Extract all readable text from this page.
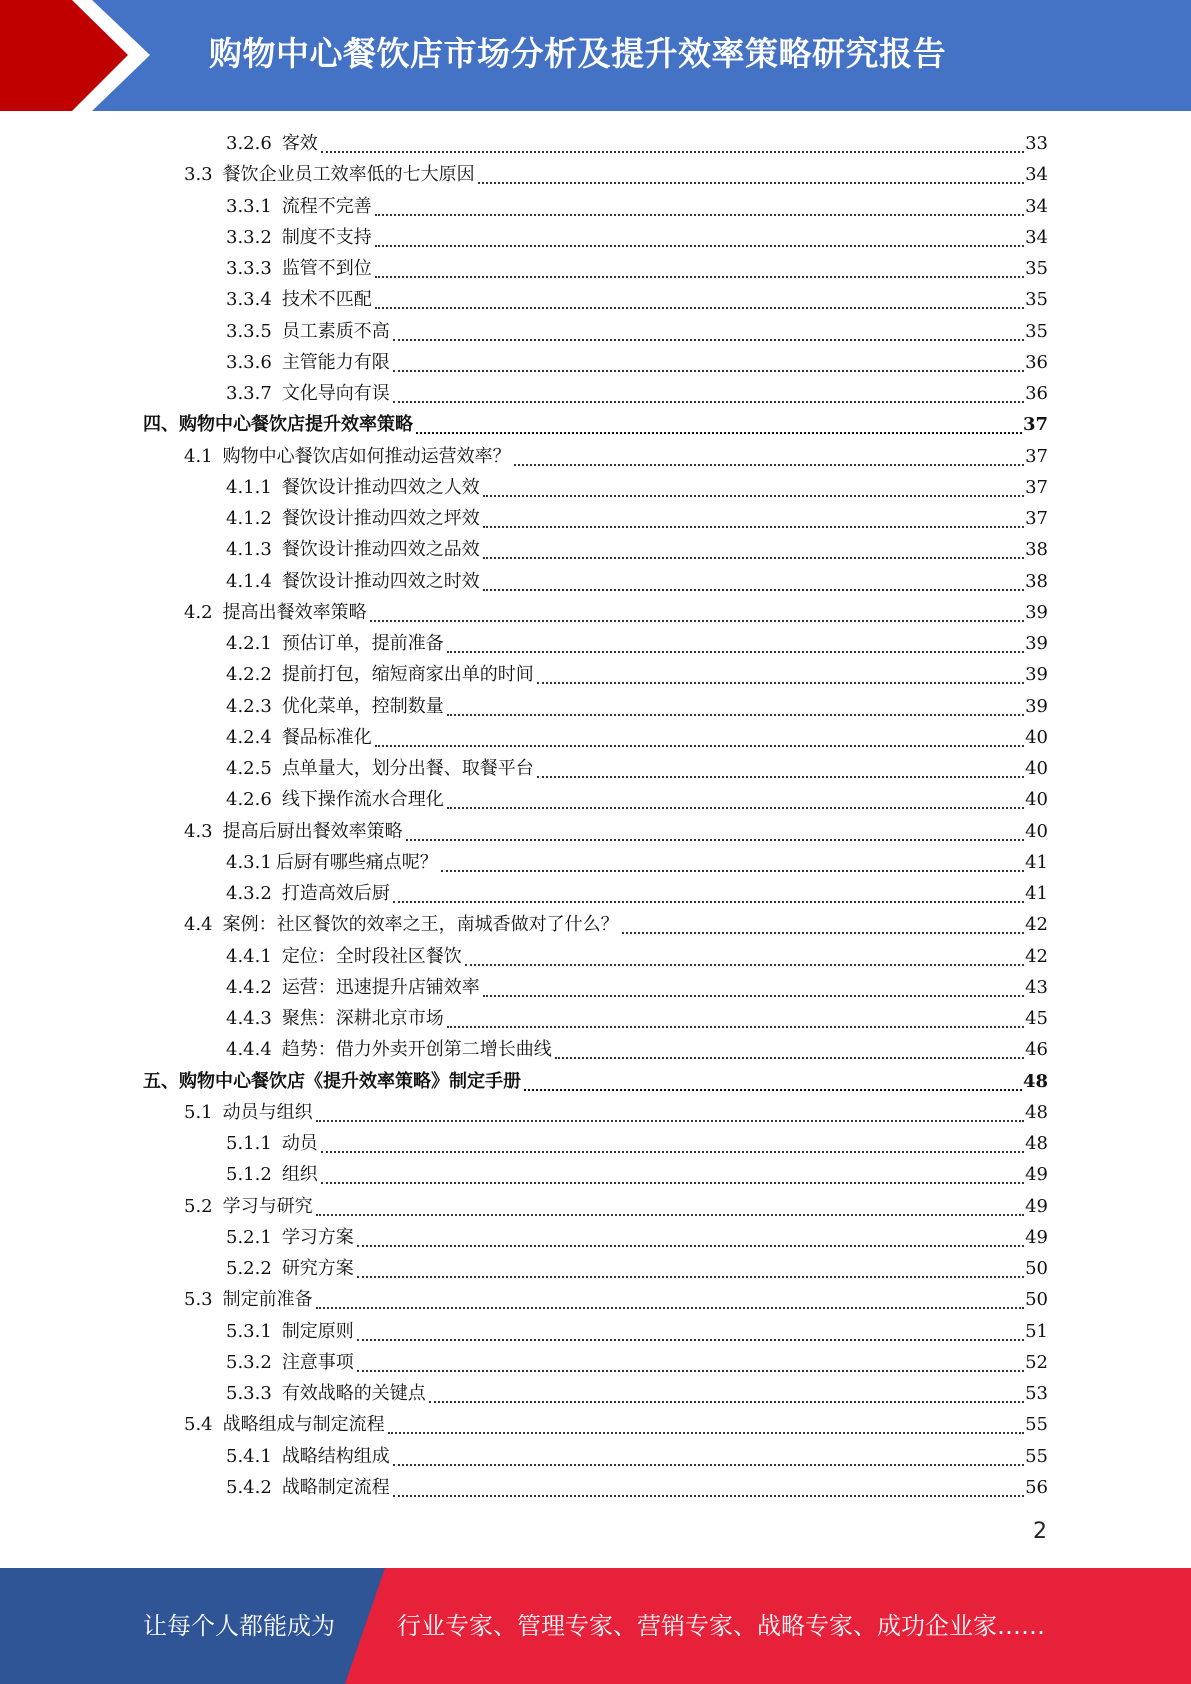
购物中心餐饮店市场分析及提升效率策略研究报告
3.2.6 客效	33
3.3 餐饮企业员工效率低的七大原因	34
3.3.1 流程不完善	34
3.3.2 制度不支持	34
3.3.3 监管不到位	35
3.3.4 技术不匹配	35
3.3.5 员工素质不高	35
3.3.6 主管能力有限	36
3.3.7 文化导向有误	36
四、购物中心餐饮店提升效率策略	37
4.1 购物中心餐饮店如何推动运营效率？	37
4.1.1 餐饮设计推动四效之人效	37
4.1.2 餐饮设计推动四效之坪效	37
4.1.3 餐饮设计推动四效之品效	38
4.1.4 餐饮设计推动四效之时效	38
4.2 提高出餐效率策略	39
4.2.1 预估订单，提前准备	39
4.2.2 提前打包，缩短商家出单的时间	39
4.2.3 优化菜单，控制数量	39
4.2.4 餐品标准化	40
4.2.5 点单量大，划分出餐、取餐平台	40
4.2.6 线下操作流水合理化	40
4.3 提高后厨出餐效率策略	40
4.3.1 后厨有哪些痛点呢？	41
4.3.2 打造高效后厨	41
4.4 案例：社区餐饮的效率之王，南城香做对了什么？	42
4.4.1 定位：全时段社区餐饮	42
4.4.2 运营：迅速提升店铺效率	43
4.4.3 聚焦：深耕北京市场	45
4.4.4 趋势：借力外卖开创第二增长曲线	46
五、购物中心餐饮店《提升效率策略》制定手册	48
5.1 动员与组织	48
5.1.1 动员	48
5.1.2 组织	49
5.2 学习与研究	49
5.2.1 学习方案	49
5.2.2 研究方案	50
5.3 制定前准备	50
5.3.1 制定原则	51
5.3.2 注意事项	52
5.3.3 有效战略的关键点	53
5.4 战略组成与制定流程	55
5.4.1 战略结构组成	55
5.4.2 战略制定流程	56
2
让每个人都能成为	行业专家、管理专家、营销专家、战略专家、成功企业家……
